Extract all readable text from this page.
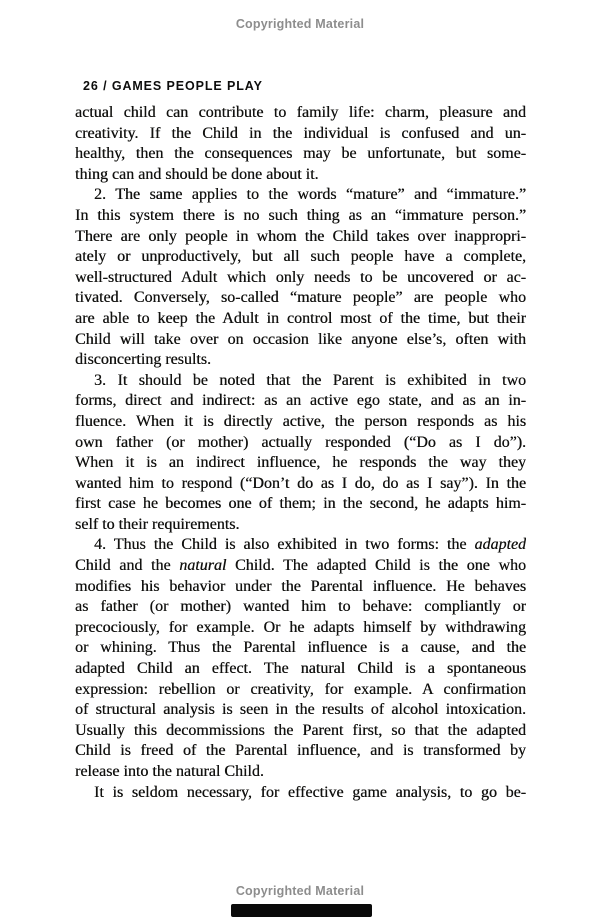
Copyrighted Material
26 / GAMES PEOPLE PLAY
actual child can contribute to family life: charm, pleasure and
creativity. If the Child in the individual is confused and un-
healthy, then the consequences may be unfortunate, but some-
thing can and should be done about it.
2. The same applies to the words “mature” and “immature.”
In this system there is no such thing as an “immature person.”
There are only people in whom the Child takes over inappropri-
ately or unproductively, but all such people have a complete,
well-structured Adult which only needs to be uncovered or ac-
tivated. Conversely, so-called “mature people” are people who
are able to keep the Adult in control most of the time, but their
Child will take over on occasion like anyone else’s, often with
disconcerting results.
3. It should be noted that the Parent is exhibited in two
forms, direct and indirect: as an active ego state, and as an in-
fluence. When it is directly active, the person responds as his
own father (or mother) actually responded (“Do as I do”).
When it is an indirect influence, he responds the way they
wanted him to respond (“Don’t do as I do, do as I say”). In the
first case he becomes one of them; in the second, he adapts him-
self to their requirements.
4. Thus the Child is also exhibited in two forms: the adapted
Child and the natural Child. The adapted Child is the one who
modifies his behavior under the Parental influence. He behaves
as father (or mother) wanted him to behave: compliantly or
precociously, for example. Or he adapts himself by withdrawing
or whining. Thus the Parental influence is a cause, and the
adapted Child an effect. The natural Child is a spontaneous
expression: rebellion or creativity, for example. A confirmation
of structural analysis is seen in the results of alcohol intoxication.
Usually this decommissions the Parent first, so that the adapted
Child is freed of the Parental influence, and is transformed by
release into the natural Child.
It is seldom necessary, for effective game analysis, to go be-
Copyrighted Material
